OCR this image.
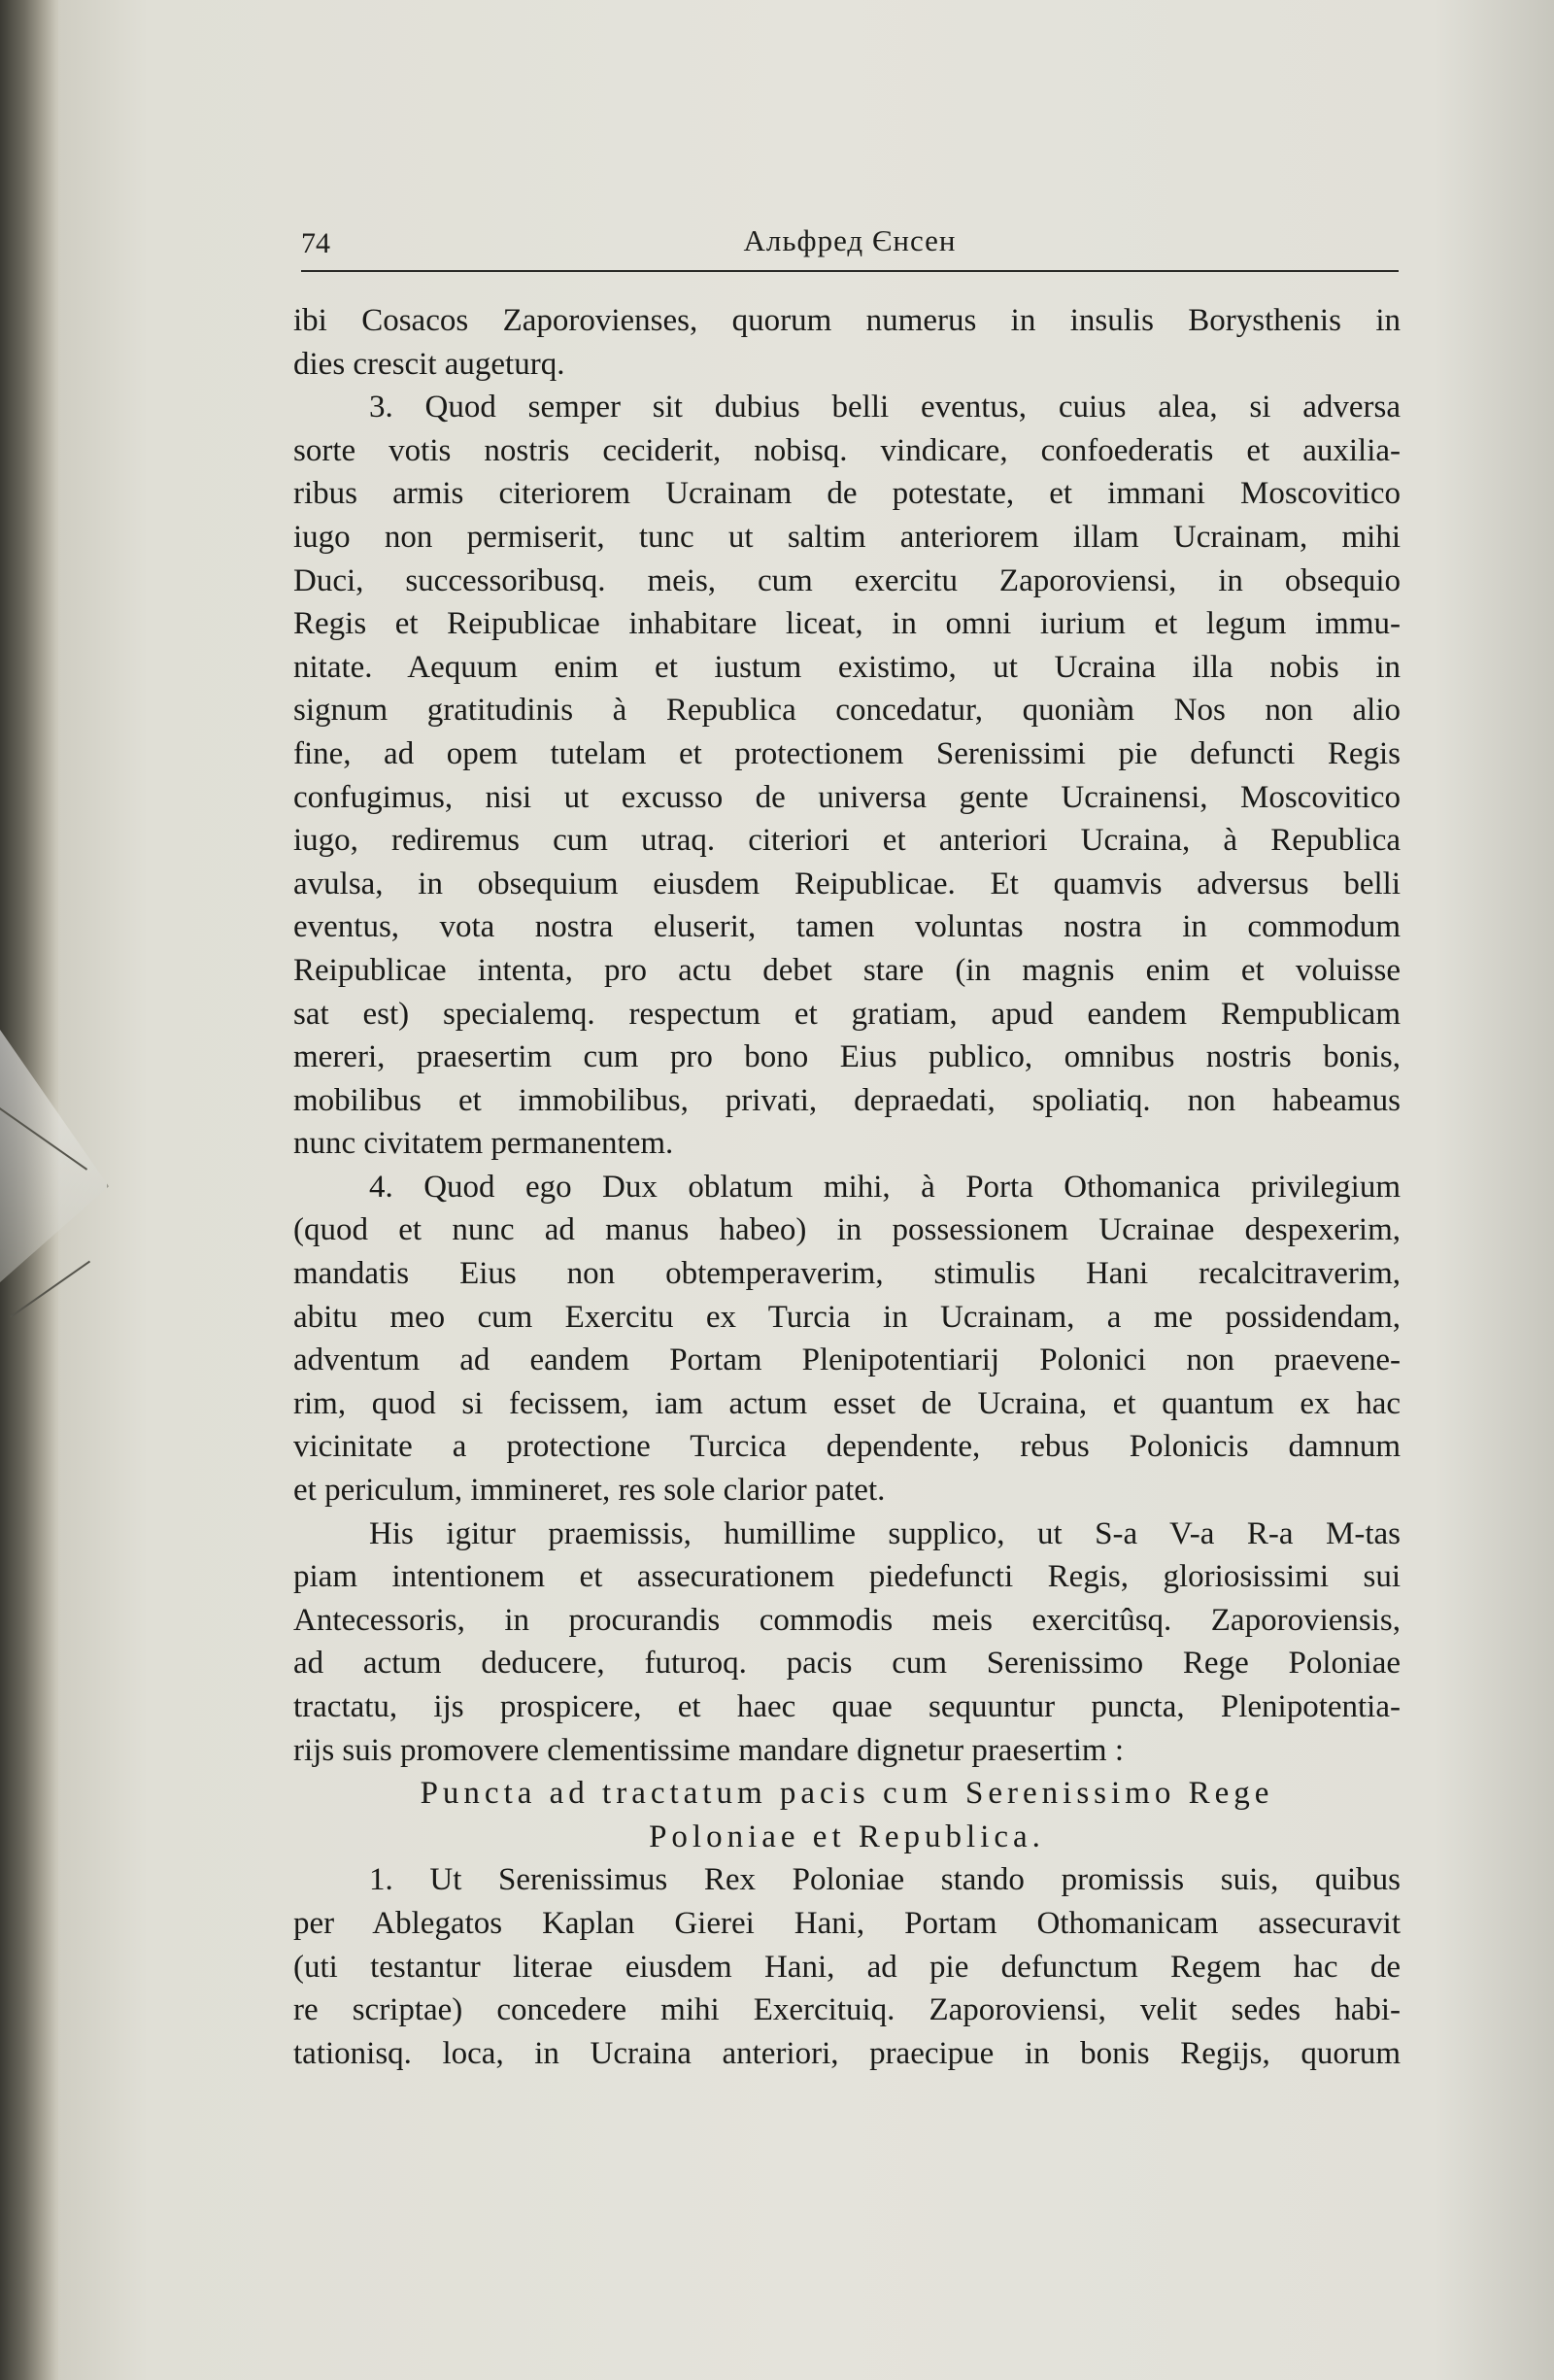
74	Альфред Єнсен
ibi Cosacos Zaporovienses, quorum numerus in insulis Borysthenis in
dies crescit augeturq.
3. Quod semper sit dubius belli eventus, cuius alea, si adversa
sorte votis nostris ceciderit, nobisq. vindicare, confoederatis et auxilia-
ribus armis citeriorem Ucrainam de potestate, et immani Moscovitico
iugo non permiserit, tunc ut saltim anteriorem illam Ucrainam, mihi
Duci, successoribusq. meis, cum exercitu Zaporoviensi, in obsequio
Regis et Reipublicae inhabitare liceat, in omni iurium et legum immu-
nitate. Aequum enim et iustum existimo, ut Ucraina illa nobis in
signum gratitudinis à Republica concedatur, quoniàm Nos non alio
fine, ad opem tutelam et protectionem Serenissimi pie defuncti Regis
confugimus, nisi ut excusso de universa gente Ucrainensi, Moscovitico
iugo, rediremus cum utraq. citeriori et anteriori Ucraina, à Republica
avulsa, in obsequium eiusdem Reipublicae. Et quamvis adversus belli
eventus, vota nostra eluserit, tamen voluntas nostra in commodum
Reipublicae intenta, pro actu debet stare (in magnis enim et voluisse
sat est) specialemq. respectum et gratiam, apud eandem Rempublicam
mereri, praesertim cum pro bono Eius publico, omnibus nostris bonis,
mobilibus et immobilibus, privati, depraedati, spoliatiq. non habeamus
nunc civitatem permanentem.
4. Quod ego Dux oblatum mihi, à Porta Othomanica privilegium
(quod et nunc ad manus habeo) in possessionem Ucrainae despexerim,
mandatis Eius non obtemperaverim, stimulis Hani recalcitraverim,
abitu meo cum Exercitu ex Turcia in Ucrainam, a me possidendam,
adventum ad eandem Portam Plenipotentiarij Polonici non praevene-
rim, quod si fecissem, iam actum esset de Ucraina, et quantum ex hac
vicinitate a protectione Turcica dependente, rebus Polonicis damnum
et periculum, immineret, res sole clarior patet.
His igitur praemissis, humillime supplico, ut S-a V-a R-a M-tas
piam intentionem et assecurationem piedefuncti Regis, gloriosissimi sui
Antecessoris, in procurandis commodis meis exercitûsq. Zaporoviensis,
ad actum deducere, futuroq. pacis cum Serenissimo Rege Poloniae
tractatu, ijs prospicere, et haec quae sequuntur puncta, Plenipotentia-
rijs suis promovere clementissime mandare dignetur praesertim :
Puncta ad tractatum pacis cum Serenissimo Rege
Poloniae et Republica.
1. Ut Serenissimus Rex Poloniae stando promissis suis, quibus
per Ablegatos Kaplan Gierei Hani, Portam Othomanicam assecuravit
(uti testantur literae eiusdem Hani, ad pie defunctum Regem hac de
re scriptae) concedere mihi Exercituiq. Zaporoviensi, velit sedes habi-
tationisq. loca, in Ucraina anteriori, praecipue in bonis Regijs, quorum
